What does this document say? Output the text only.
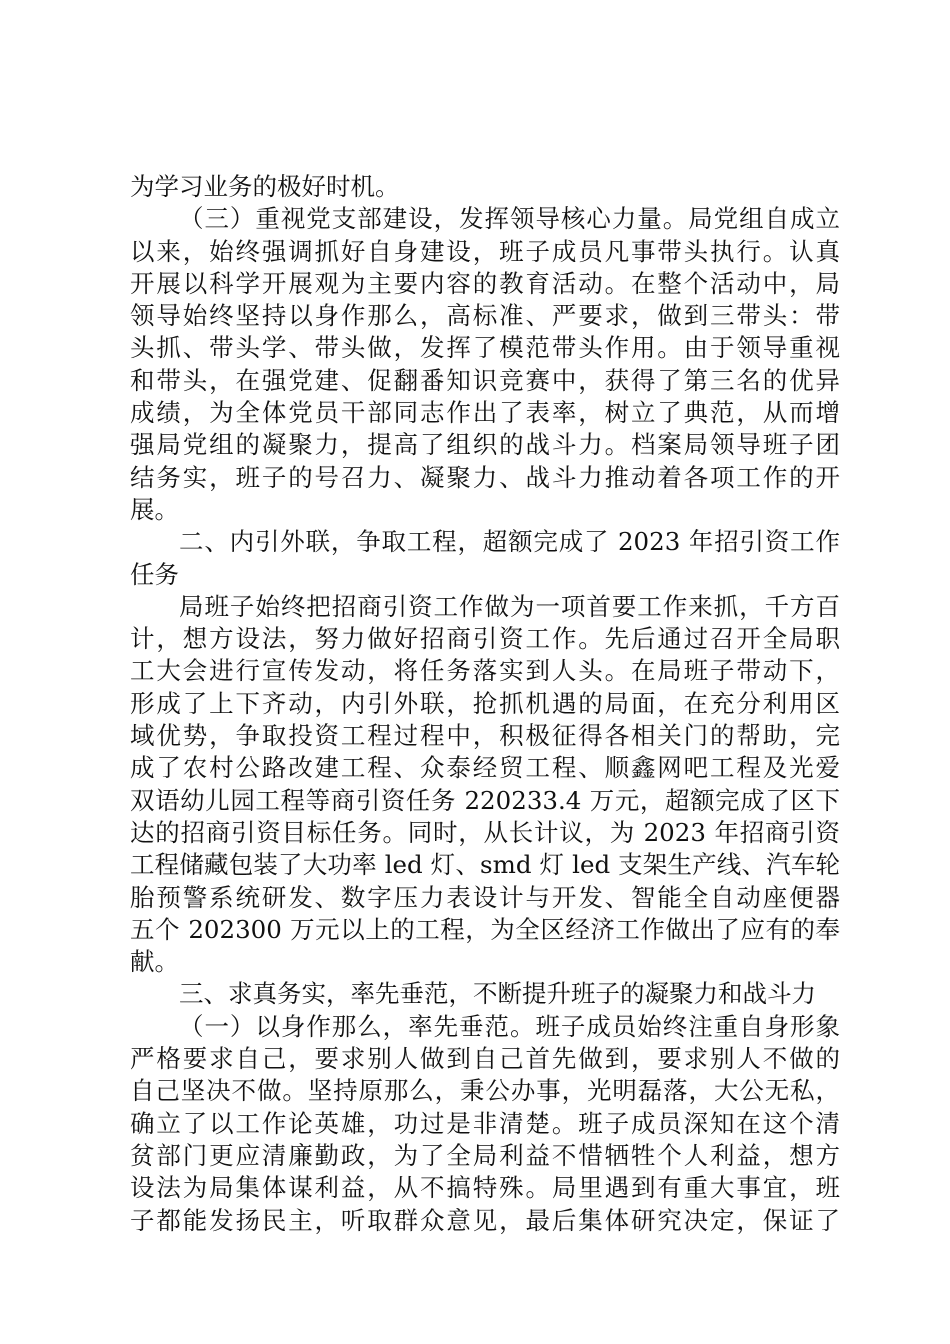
为学习业务的极好时机。
（三）重视党支部建设，发挥领导核心力量。局党组自成立
以来，始终强调抓好自身建设，班子成员凡事带头执行。认真
开展以科学开展观为主要内容的教育活动。在整个活动中，局
领导始终坚持以身作那么，高标准、严要求，做到三带头：带
头抓、带头学、带头做，发挥了模范带头作用。由于领导重视
和带头，在强党建、促翻番知识竞赛中，获得了第三名的优异
成绩，为全体党员干部同志作出了表率，树立了典范，从而增
强局党组的凝聚力，提高了组织的战斗力。档案局领导班子团
结务实，班子的号召力、凝聚力、战斗力推动着各项工作的开
展。
二、内引外联，争取工程，超额完成了 2023 年招引资工作
任务
局班子始终把招商引资工作做为一项首要工作来抓，千方百
计，想方设法，努力做好招商引资工作。先后通过召开全局职
工大会进行宣传发动，将任务落实到人头。在局班子带动下，
形成了上下齐动，内引外联，抢抓机遇的局面，在充分利用区
域优势，争取投资工程过程中，积极征得各相关门的帮助，完
成了农村公路改建工程、众泰经贸工程、顺鑫网吧工程及光爱
双语幼儿园工程等商引资任务 220233.4 万元，超额完成了区下
达的招商引资目标任务。同时，从长计议，为 2023 年招商引资
工程储藏包装了大功率 led 灯、smd 灯 led 支架生产线、汽车轮
胎预警系统研发、数字压力表设计与开发、智能全自动座便器
五个 202300 万元以上的工程，为全区经济工作做出了应有的奉
献。
三、求真务实，率先垂范，不断提升班子的凝聚力和战斗力
（一）以身作那么，率先垂范。班子成员始终注重自身形象
严格要求自己，要求别人做到自己首先做到，要求别人不做的
自己坚决不做。坚持原那么，秉公办事，光明磊落，大公无私，
确立了以工作论英雄，功过是非清楚。班子成员深知在这个清
贫部门更应清廉勤政，为了全局利益不惜牺牲个人利益，想方
设法为局集体谋利益，从不搞特殊。局里遇到有重大事宜，班
子都能发扬民主，听取群众意见，最后集体研究决定，保证了
